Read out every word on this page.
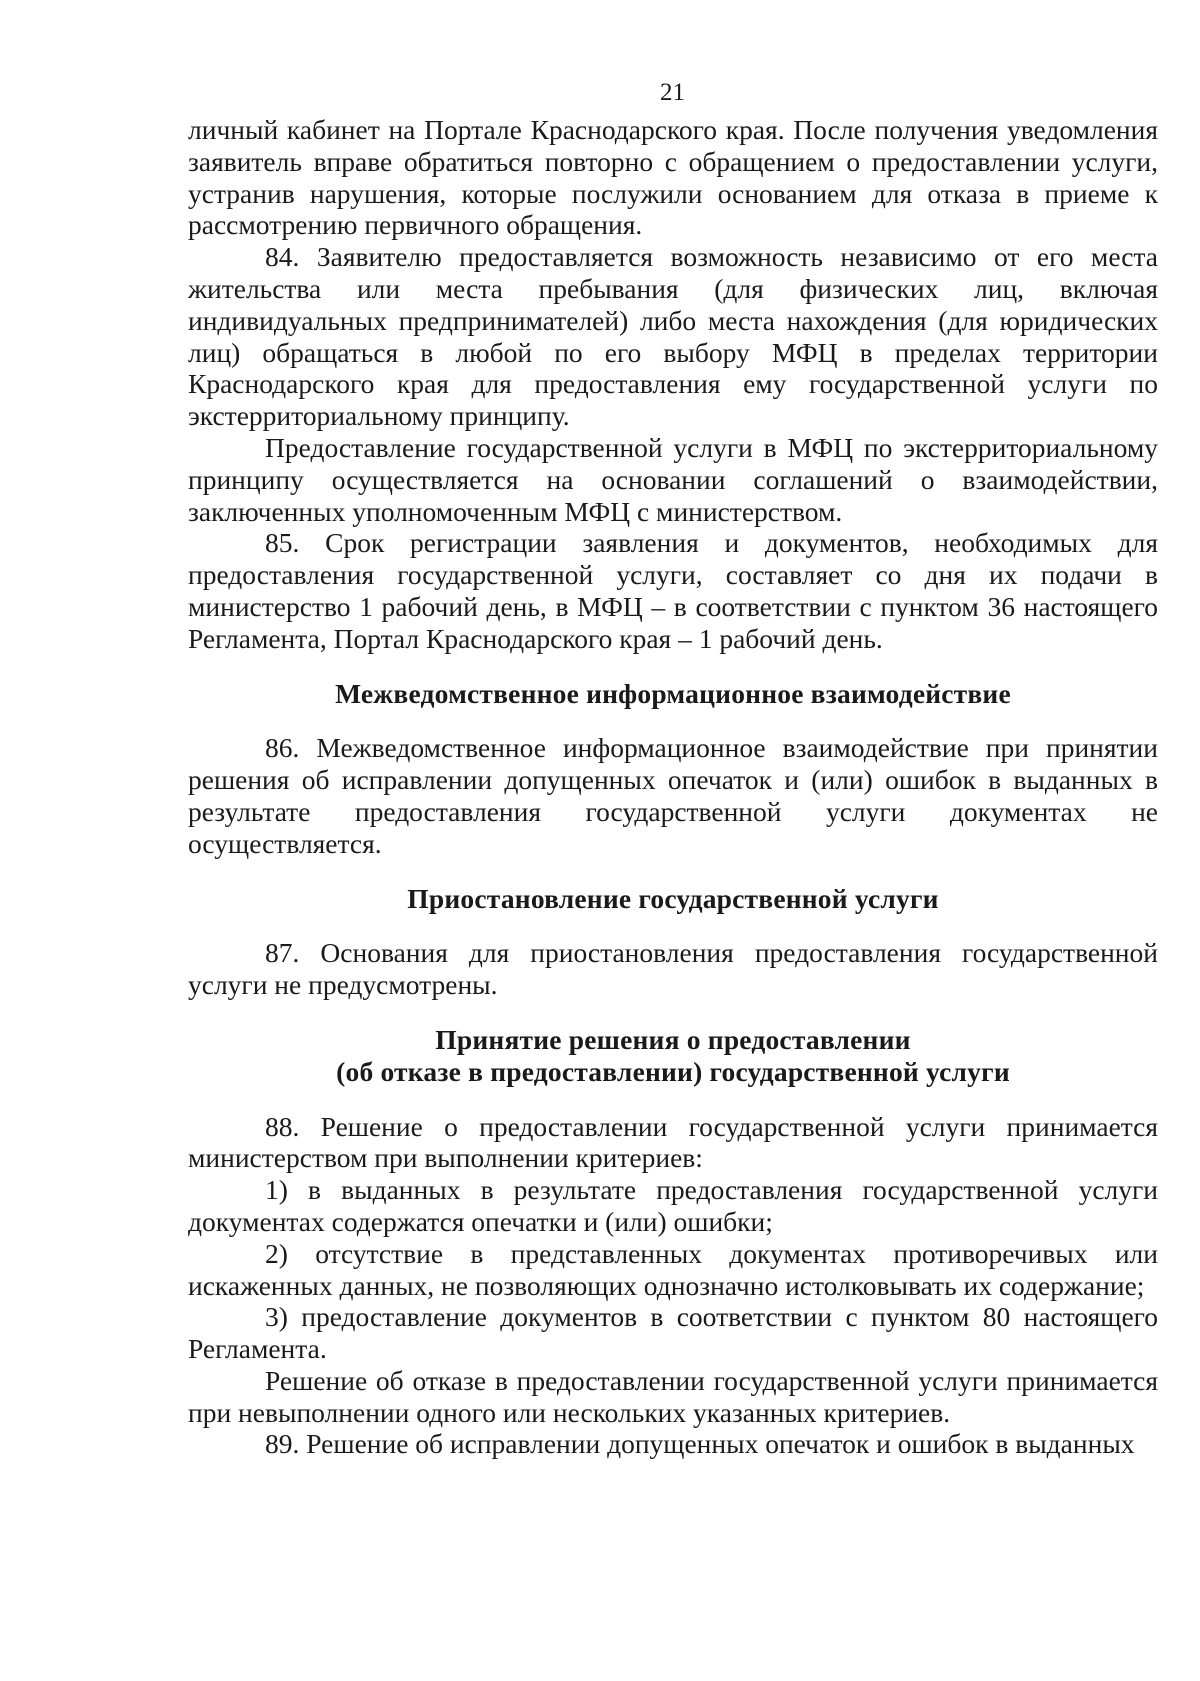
21

личный кабинет на Портале Краснодарского края. После получения уведомления заявитель вправе обратиться повторно с обращением о предоставлении услуги, устранив нарушения, которые послужили основанием для отказа в приеме к рассмотрению первичного обращения.

84. Заявителю предоставляется возможность независимо от его места жительства или места пребывания (для физических лиц, включая индивидуальных предпринимателей) либо места нахождения (для юридических лиц) обращаться в любой по его выбору МФЦ в пределах территории Краснодарского края для предоставления ему государственной услуги по экстерриториальному принципу.

Предоставление государственной услуги в МФЦ по экстерриториальному принципу осуществляется на основании соглашений о взаимодействии, заключенных уполномоченным МФЦ с министерством.

85. Срок регистрации заявления и документов, необходимых для предоставления государственной услуги, составляет со дня их подачи в министерство 1 рабочий день, в МФЦ – в соответствии с пунктом 36 настоящего Регламента, Портал Краснодарского края – 1 рабочий день.

Межведомственное информационное взаимодействие

86. Межведомственное информационное взаимодействие при принятии решения об исправлении допущенных опечаток и (или) ошибок в выданных в результате предоставления государственной услуги документах не осуществляется.

Приостановление государственной услуги

87. Основания для приостановления предоставления государственной услуги не предусмотрены.

Принятие решения о предоставлении

(об отказе в предоставлении) государственной услуги

88. Решение о предоставлении государственной услуги принимается министерством при выполнении критериев:

1) в выданных в результате предоставления государственной услуги документах содержатся опечатки и (или) ошибки;

2) отсутствие в представленных документах противоречивых или искаженных данных, не позволяющих однозначно истолковывать их содержание;

3) предоставление документов в соответствии с пунктом 80 настоящего Регламента.

Решение об отказе в предоставлении государственной услуги принимается при невыполнении одного или нескольких указанных критериев.

89. Решение об исправлении допущенных опечаток и ошибок в выданных
